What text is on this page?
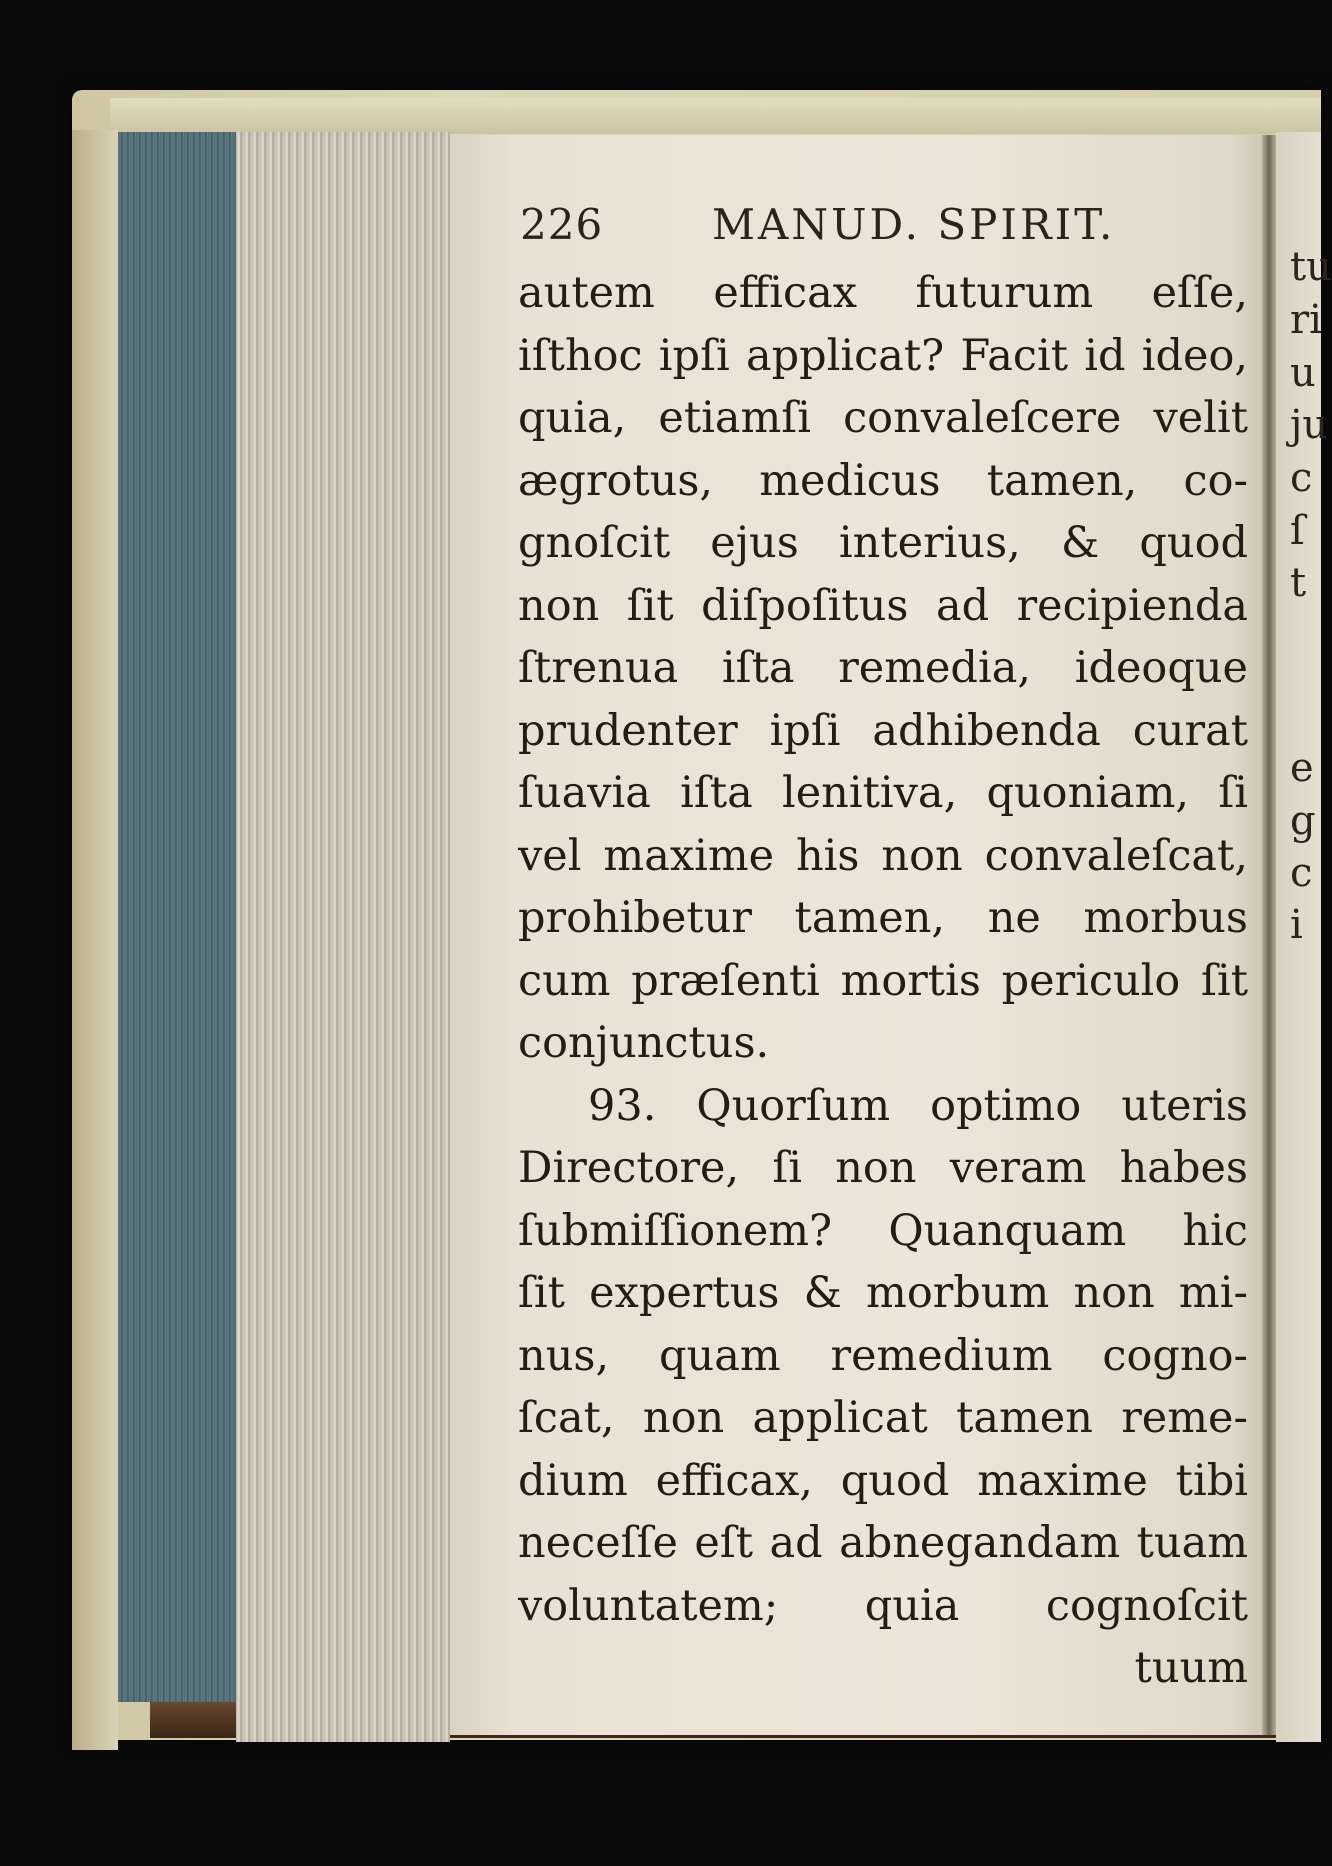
tu
ri
u
ju
c
ſ
t
e
g
c
i
226	MANUD. SPIRIT.
autem efficax futurum eſſe,
iſthoc ipſi applicat? Facit id ideo,
quia, etiamſi convaleſcere velit
ægrotus, medicus tamen, co-
gnoſcit ejus interius, & quod
non ſit diſpoſitus ad recipienda
ſtrenua iſta remedia, ideoque
prudenter ipſi adhibenda curat
ſuavia iſta lenitiva, quoniam, ſi
vel maxime his non convaleſcat,
prohibetur tamen, ne morbus
cum præſenti mortis periculo ſit
conjunctus.
93. Quorſum optimo uteris
Directore, ſi non veram habes
ſubmiſſionem? Quanquam hic
ſit expertus & morbum non mi-
nus, quam remedium cogno-
ſcat, non applicat tamen reme-
dium efficax, quod maxime tibi
neceſſe eſt ad abnegandam tuam
voluntatem; quia cognoſcit
tuum
